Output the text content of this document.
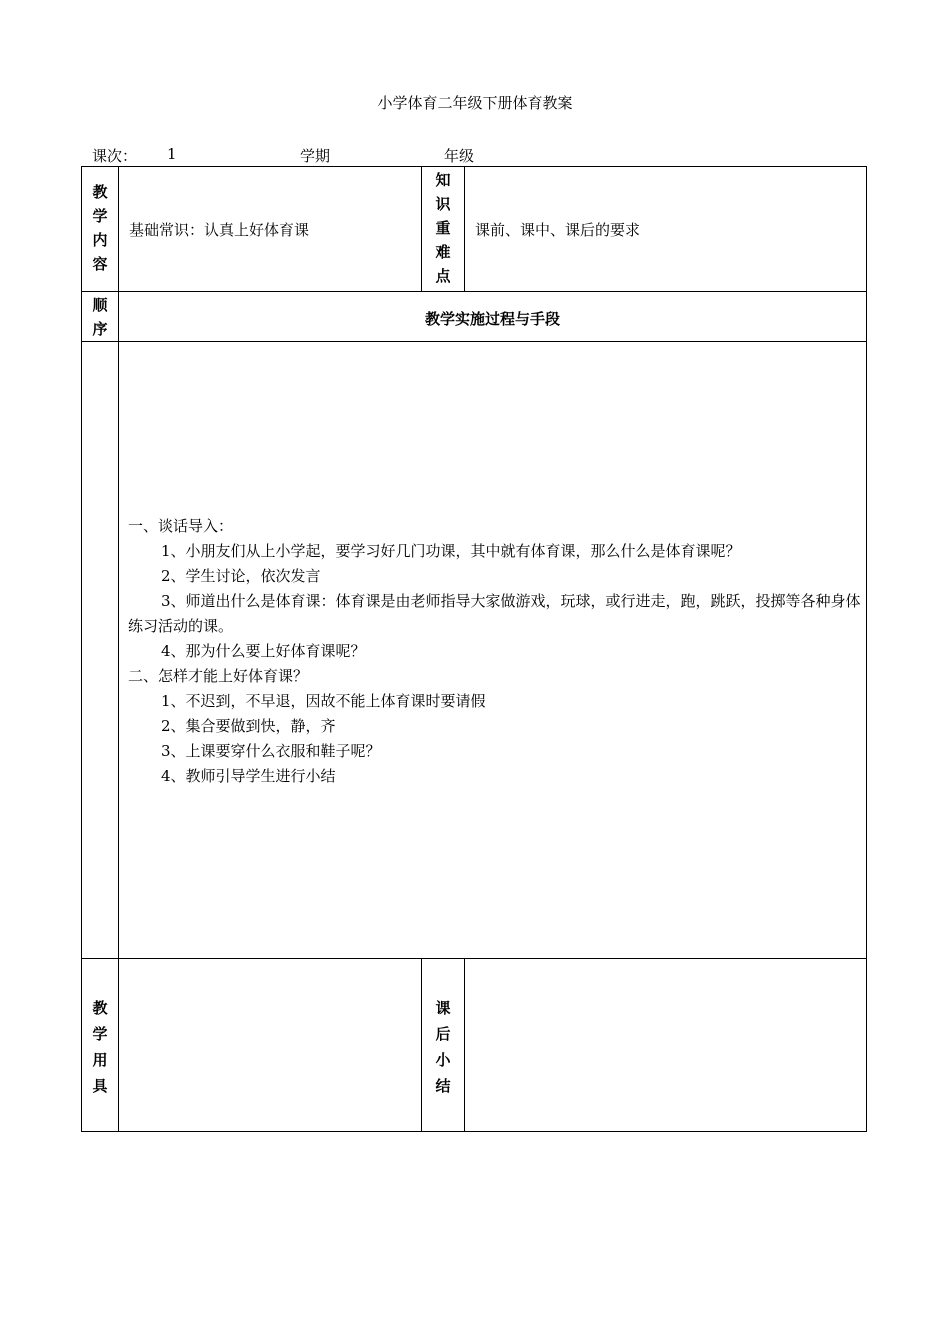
小学体育二年级下册体育教案
课次： 1	学期	年级
教
学
内
容
基础常识：认真上好体育课
知
识
重
难
点
课前、课中、课后的要求
顺
序
教学实施过程与手段
一、谈话导入：
1、小朋友们从上小学起，要学习好几门功课，其中就有体育课，那么什么是体育课呢？
2、学生讨论，依次发言
3、师道出什么是体育课：体育课是由老师指导大家做游戏，玩球，或行进走，跑，跳跃，投掷等各种身体练习活动的课。
4、那为什么要上好体育课呢？
二、怎样才能上好体育课？
1、不迟到，不早退，因故不能上体育课时要请假
2、集合要做到快，静，齐
3、上课要穿什么衣服和鞋子呢？
4、教师引导学生进行小结
教
学
用
具
课
后
小
结
